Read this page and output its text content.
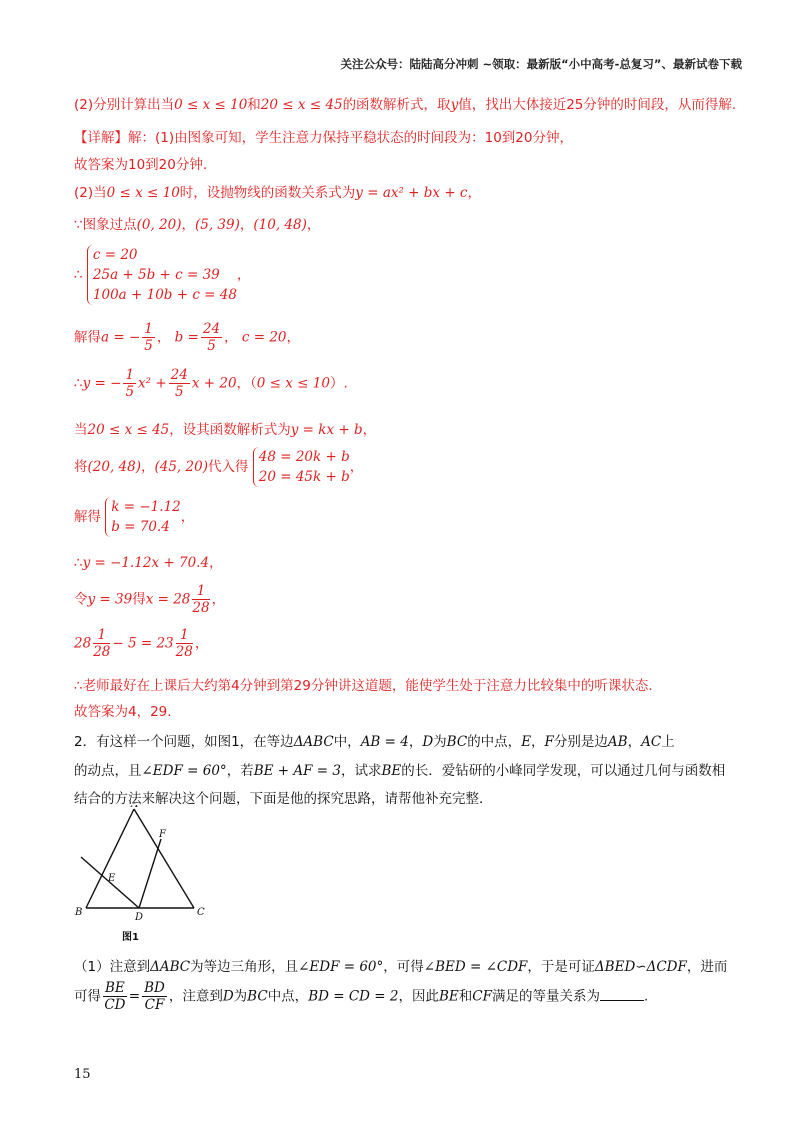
关注公众号：陆陆高分冲刺 ~领取：最新版“小中高考-总复习”、最新试卷下载
(2)分别计算出当0 ≤ x ≤ 10和20 ≤ x ≤ 45的函数解析式，取y值，找出大体接近25分钟的时间段，从而得解.
【详解】解：(1)由图象可知，学生注意力保持平稳状态的时间段为：10到20分钟，
故答案为10到20分钟.
(2)当0 ≤ x ≤ 10时，设抛物线的函数关系式为y = ax² + bx + c，
∵图象过点(0, 20)，(5, 39)，(10, 48)，
∴
c = 20
25a + 5b + c = 39
100a + 10b + c = 48
，
解得a = − $\frac{1}{5}$ ， $b = \frac{24}{5}$ ， c = 20，
∴y = − $\frac{1}{5} x^2 + \frac{24}{5}$ x + 20，（0 ≤ x ≤ 10）.
当20 ≤ x ≤ 45，设其函数解析式为y = kx + b，
将(20, 48)，(45, 20)代入得
48 = 20k + b
20 = 45k + b
，
解得
k = −1.12
b = 70.4
，
∴y = −1.12x + 70.4，
令y = 39得$x = 28 \frac{1}{28}$ ，
$28 \frac{1}{28} - 5 = 23 \frac{1}{28}$ ，
∴老师最好在上课后大约第4分钟到第29分钟讲这道题，能使学生处于注意力比较集中的听课状态.
故答案为4，29.
2．有这样一个问题，如图1，在等边ΔABC中，AB = 4，D为BC的中点，E，F分别是边AB，AC上
的动点，且∠EDF = 60°，若BE + AF = 3，试求BE的长．爱钻研的小峰同学发现，可以通过几何与函数相
结合的方法来解决这个问题，下面是他的探究思路，请帮他补充完整．
（1）注意到ΔABC为等边三角形，且∠EDF = 60°，可得∠BED = ∠CDF，于是可证ΔBED∽ΔCDF，进而
可得 $\frac{BE}{CD} = \frac{BD}{CF}$ ，注意到D为BC中点，BD = CD = 2，因此BE和CF满足的等量关系为	.
B	C
D
E
F
图1
15
